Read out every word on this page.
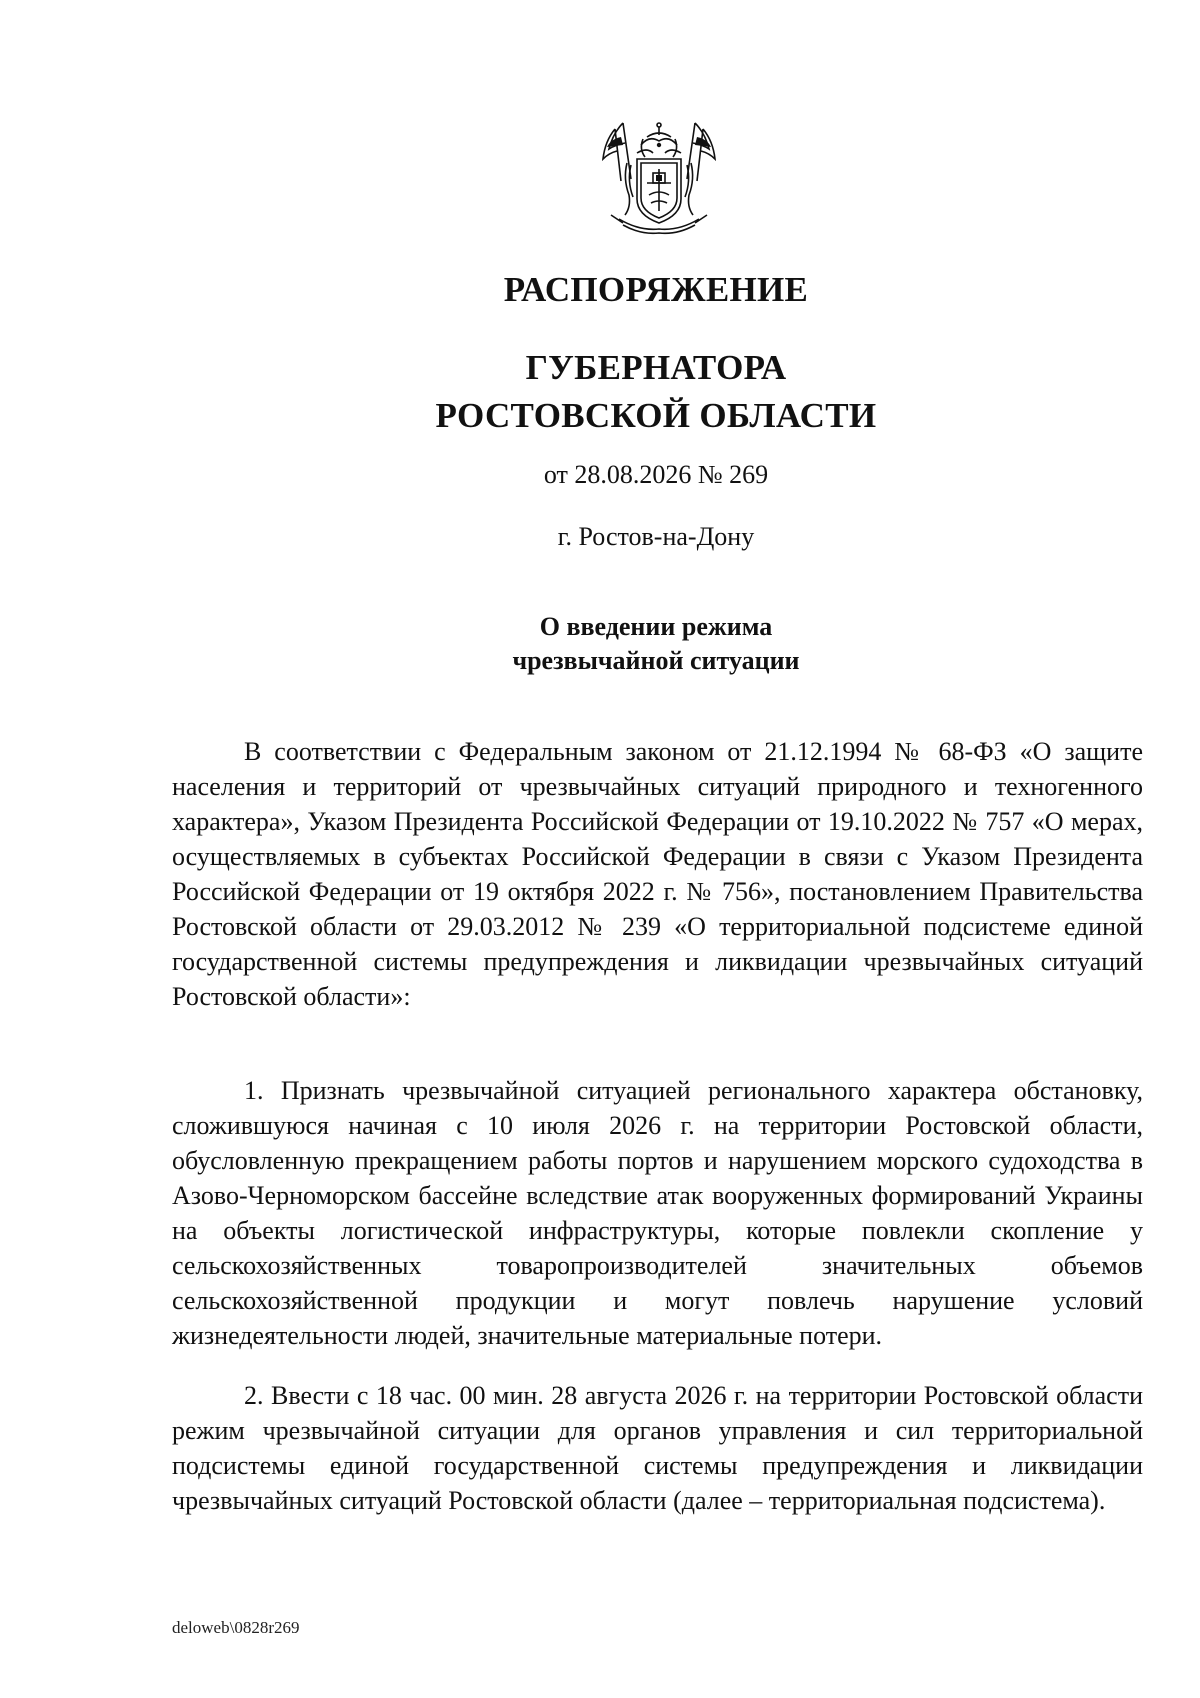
РАСПОРЯЖЕНИЕ
ГУБЕРНАТОРА
РОСТОВСКОЙ ОБЛАСТИ
от 28.08.2026 № 269
г. Ростов-на-Дону
О введении режима
чрезвычайной ситуации

В соответствии с Федеральным законом от 21.12.1994 № 68-ФЗ «О защите населения и территорий от чрезвычайных ситуаций природного и техногенного характера», Указом Президента Российской Федерации от 19.10.2022 № 757 «О мерах, осуществляемых в субъектах Российской Федерации в связи с Указом Президента Российской Федерации от 19 октября 2022 г. № 756», постановлением Правительства Ростовской области от 29.03.2012 № 239 «О территориальной подсистеме единой государственной системы предупреждения и ликвидации чрезвычайных ситуаций Ростовской области»:

1. Признать чрезвычайной ситуацией регионального характера обстановку, сложившуюся начиная с 10 июля 2026 г. на территории Ростовской области, обусловленную прекращением работы портов и нарушением морского судоходства в Азово-Черноморском бассейне вследствие атак вооруженных формирований Украины на объекты логистической инфраструктуры, которые повлекли скопление у сельскохозяйственных товаропроизводителей значительных объемов сельскохозяйственной продукции и могут повлечь нарушение условий жизнедеятельности людей, значительные материальные потери.

2. Ввести с 18 час. 00 мин. 28 августа 2026 г. на территории Ростовской области режим чрезвычайной ситуации для органов управления и сил территориальной подсистемы единой государственной системы предупреждения и ликвидации чрезвычайных ситуаций Ростовской области (далее – территориальная подсистема).

deloweb\0828r269
